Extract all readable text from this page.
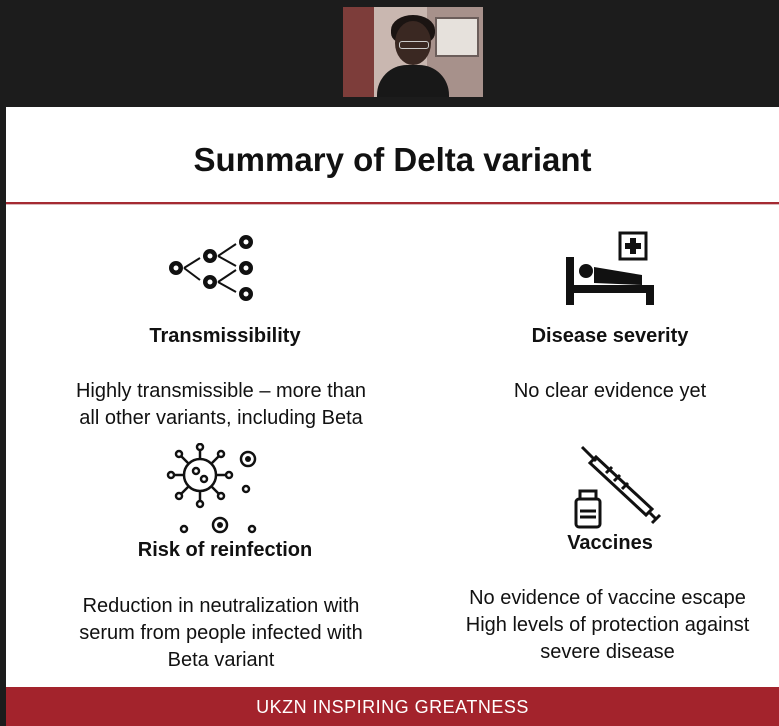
Summary of Delta variant
Transmissibility	Disease severity
Highly transmissible – more than
all other variants, including Beta
No clear evidence yet
Risk of reinfection	Vaccines
Reduction in neutralization with
serum from people infected with
Beta variant
No evidence of vaccine escape
High levels of protection against
severe disease
UKZN INSPIRING GREATNESS
